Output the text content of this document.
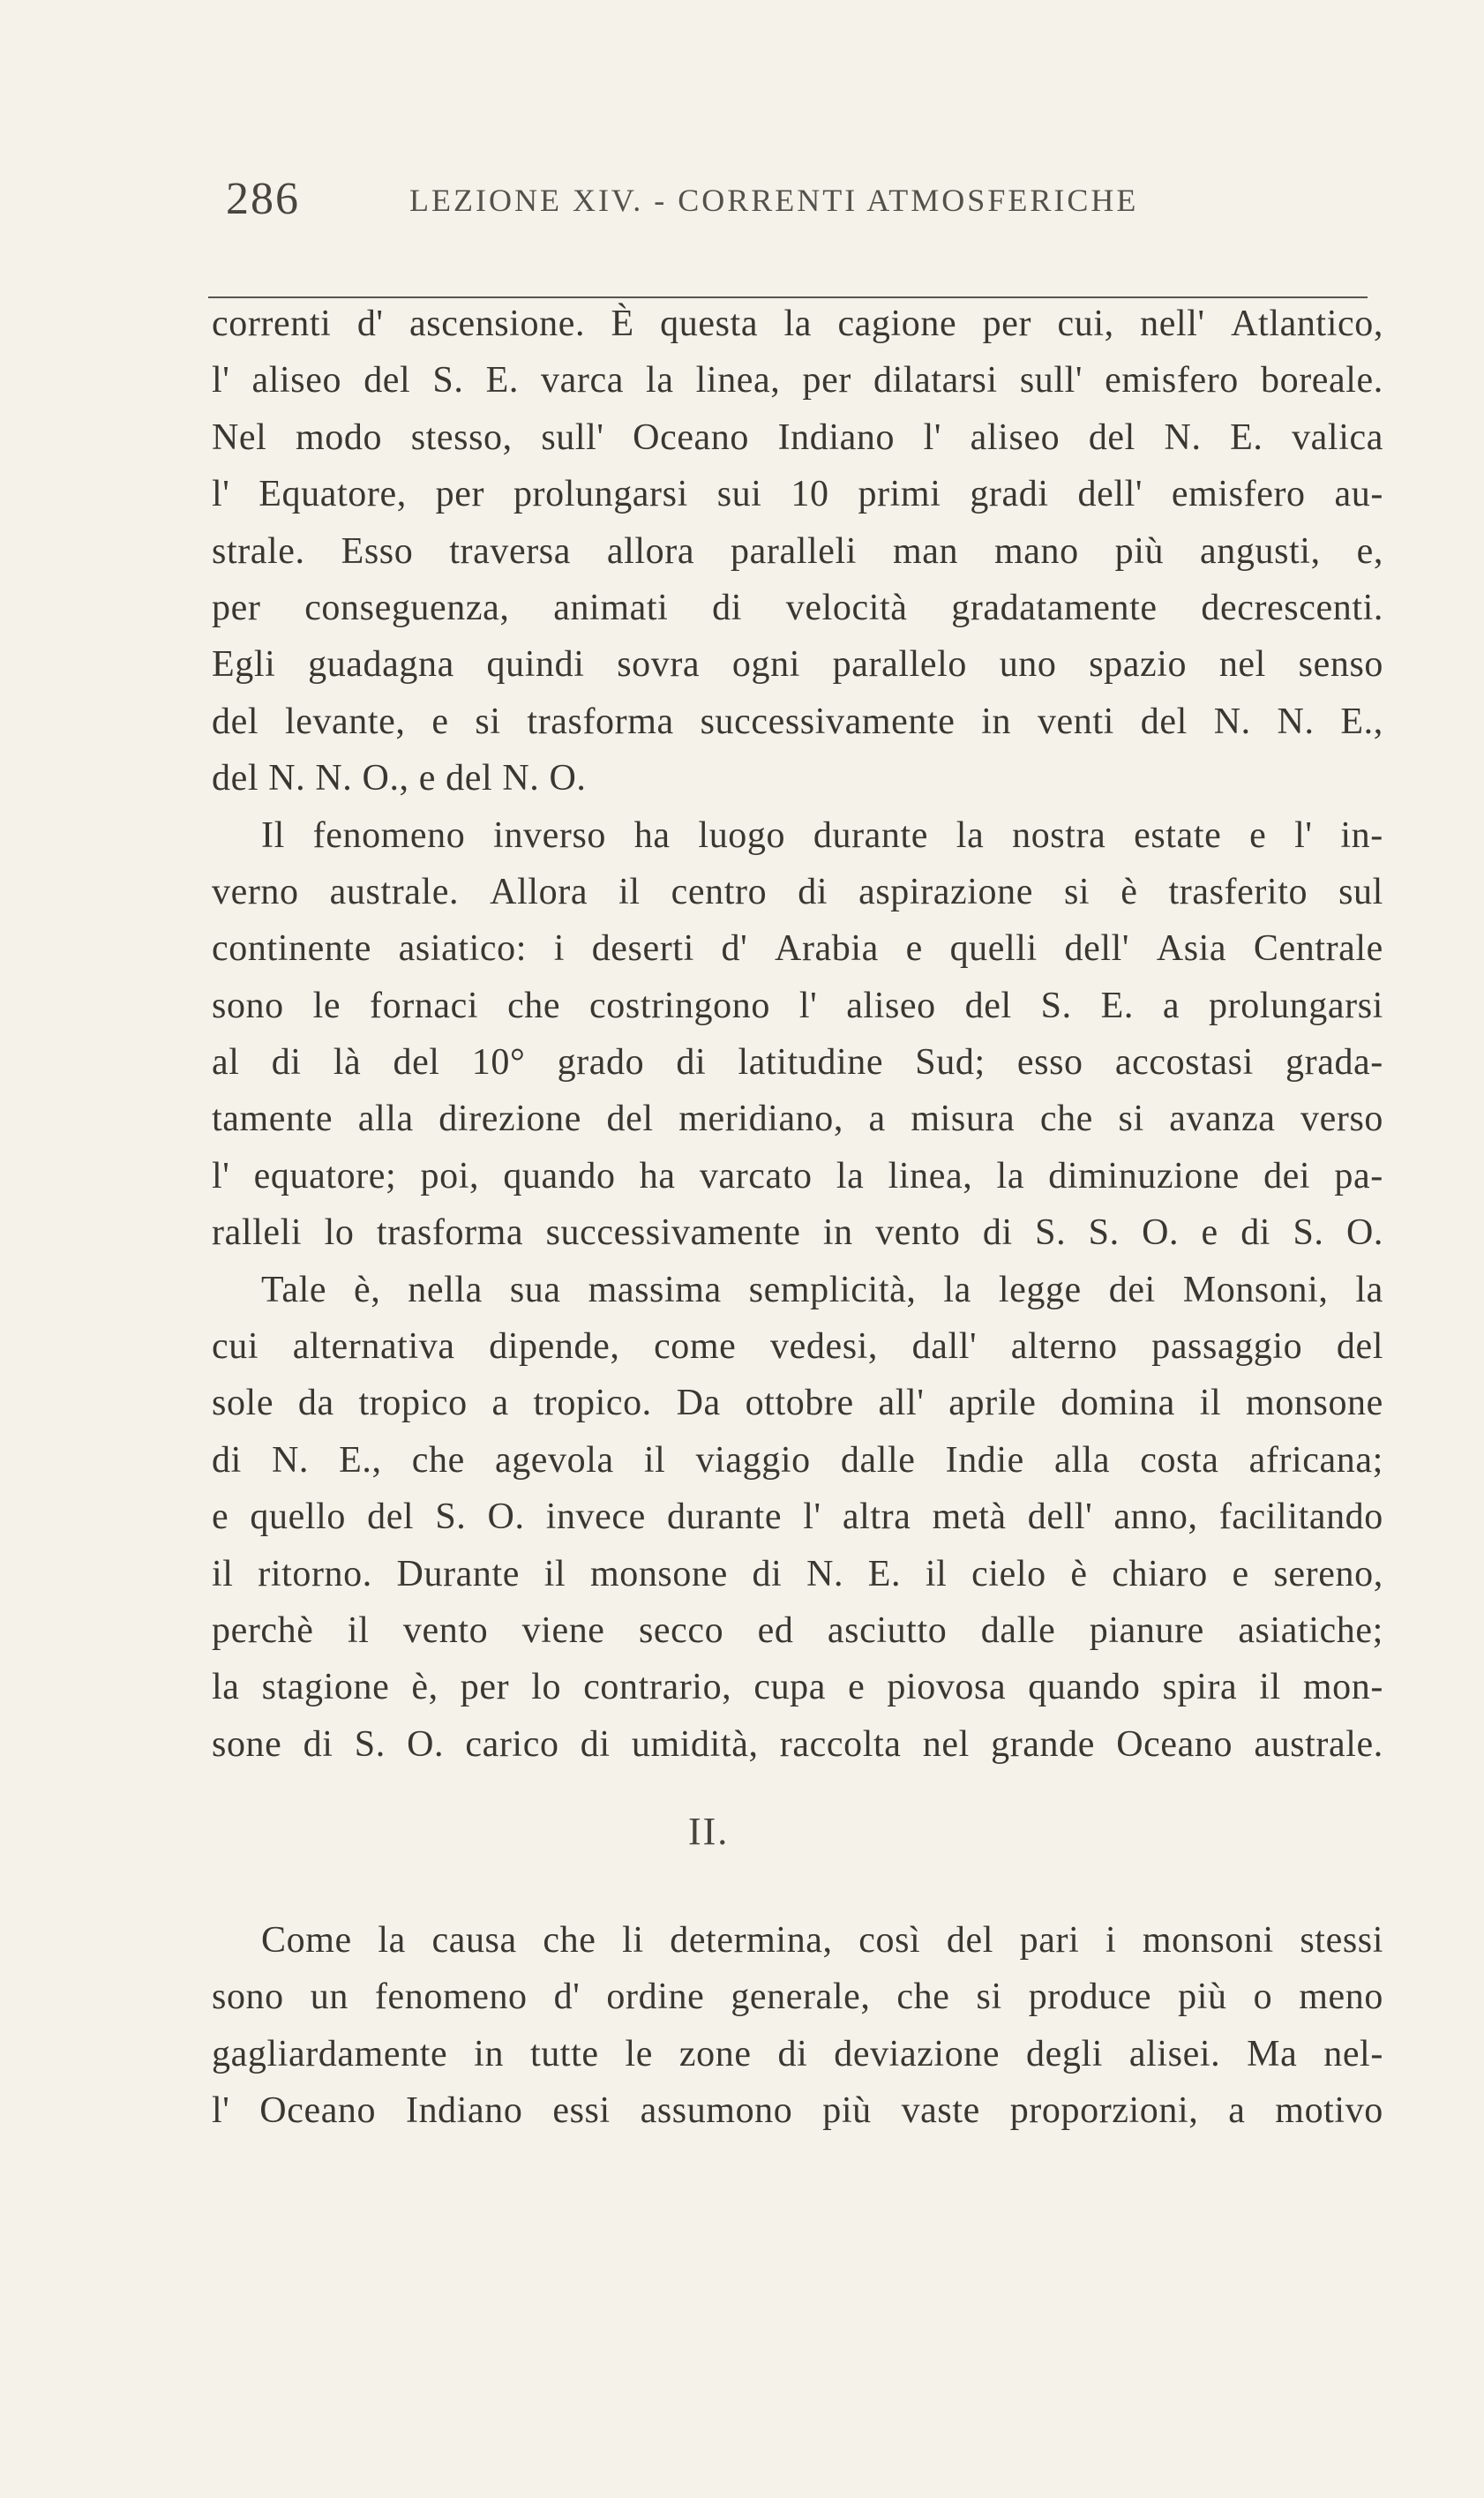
286	LEZIONE XIV. - CORRENTI ATMOSFERICHE
correnti d' ascensione. È questa la cagione per cui, nell' Atlantico,
l' aliseo del S. E. varca la linea, per dilatarsi sull' emisfero boreale.
Nel modo stesso, sull' Oceano Indiano l' aliseo del N. E. valica
l' Equatore, per prolungarsi sui 10 primi gradi dell' emisfero au-
strale. Esso traversa allora paralleli man mano più angusti, e,
per conseguenza, animati di velocità gradatamente decrescenti.
Egli guadagna quindi sovra ogni parallelo uno spazio nel senso
del levante, e si trasforma successivamente in venti del N. N. E.,
del
N.
N.
O.,
e
del
N.
O.
Il fenomeno inverso ha luogo durante la nostra estate e l' in-
verno australe. Allora il centro di aspirazione si è trasferito sul
continente asiatico: i deserti d' Arabia e quelli dell' Asia Centrale
sono le fornaci che costringono l' aliseo del S. E. a prolungarsi
al di là del 10° grado di latitudine Sud; esso accostasi grada-
tamente alla direzione del meridiano, a misura che si avanza verso
l' equatore; poi, quando ha varcato la linea, la diminuzione dei pa-
ralleli lo trasforma successivamente in vento di S. S. O. e di S. O.
Tale è, nella sua massima semplicità, la legge dei Monsoni, la
cui alternativa dipende, come vedesi, dall' alterno passaggio del
sole da tropico a tropico. Da ottobre all' aprile domina il monsone
di N. E., che agevola il viaggio dalle Indie alla costa africana;
e quello del S. O. invece durante l' altra metà dell' anno, facilitando
il ritorno. Durante il monsone di N. E. il cielo è chiaro e sereno,
perchè il vento viene secco ed asciutto dalle pianure asiatiche;
la stagione è, per lo contrario, cupa e piovosa quando spira il mon-
sone di S. O. carico di umidità, raccolta nel grande Oceano australe.
II.
Come la causa che li determina, così del pari i monsoni stessi
sono un fenomeno d' ordine generale, che si produce più o meno
gagliardamente in tutte le zone di deviazione degli alisei. Ma nel-
l' Oceano Indiano essi assumono più vaste proporzioni, a motivo
